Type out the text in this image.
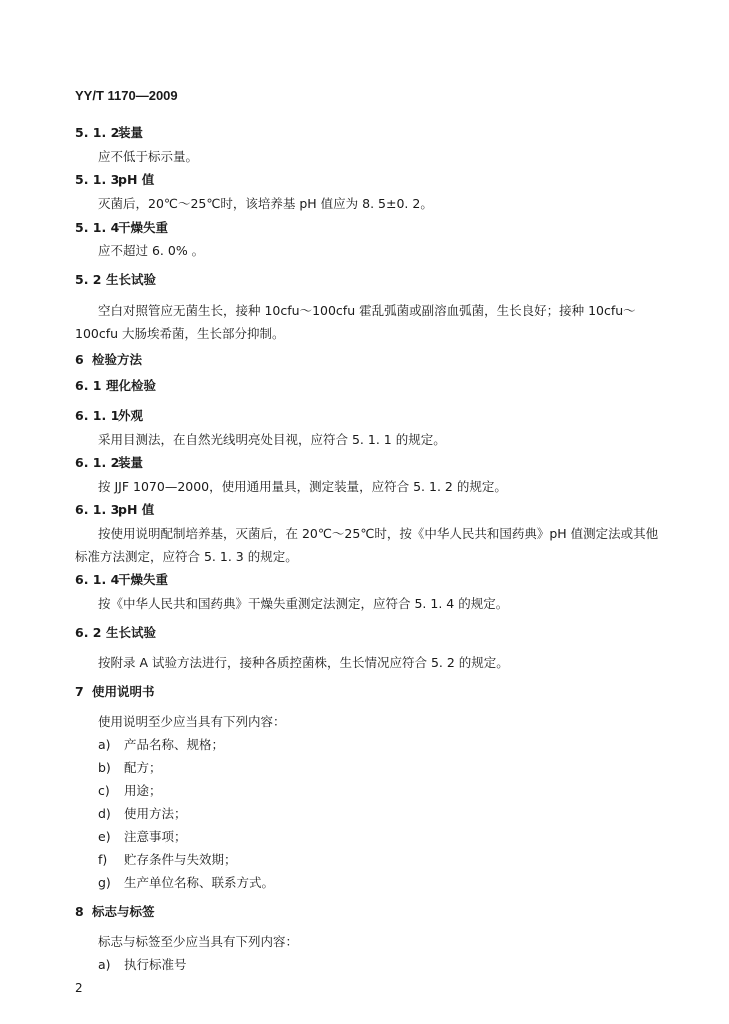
YY/T 1170—2009
5. 1. 2
装量
应不低于标示量。
5. 1. 3
pH 值
灭菌后，20℃～25℃时，该培养基 pH 值应为 8. 5±0. 2。
5. 1. 4
干燥失重
应不超过 6. 0% 。
5. 2 生长试验
空白对照管应无菌生长，接种 10cfu～100cfu 霍乱弧菌或副溶血弧菌，生长良好；接种 10cfu～
100cfu 大肠埃希菌，生长部分抑制。
6 检验方法
6. 1 理化检验
6. 1. 1
外观
采用目测法，在自然光线明亮处目视，应符合 5. 1. 1 的规定。
6. 1. 2
装量
按 JJF 1070—2000，使用通用量具，测定装量，应符合 5. 1. 2 的规定。
6. 1. 3
pH 值
按使用说明配制培养基，灭菌后，在 20℃～25℃时，按《中华人民共和国药典》pH 值测定法或其他
标准方法测定，应符合 5. 1. 3 的规定。
6. 1. 4
干燥失重
按《中华人民共和国药典》干燥失重测定法测定，应符合 5. 1. 4 的规定。
6. 2 生长试验
按附录 A 试验方法进行，接种各质控菌株，生长情况应符合 5. 2 的规定。
7 使用说明书
使用说明至少应当具有下列内容：
a) 产品名称、规格；
b) 配方；
c) 用途；
d) 使用方法；
e) 注意事项；
f) 贮存条件与失效期；
g) 生产单位名称、联系方式。
8 标志与标签
标志与标签至少应当具有下列内容：
a) 执行标准号
2
